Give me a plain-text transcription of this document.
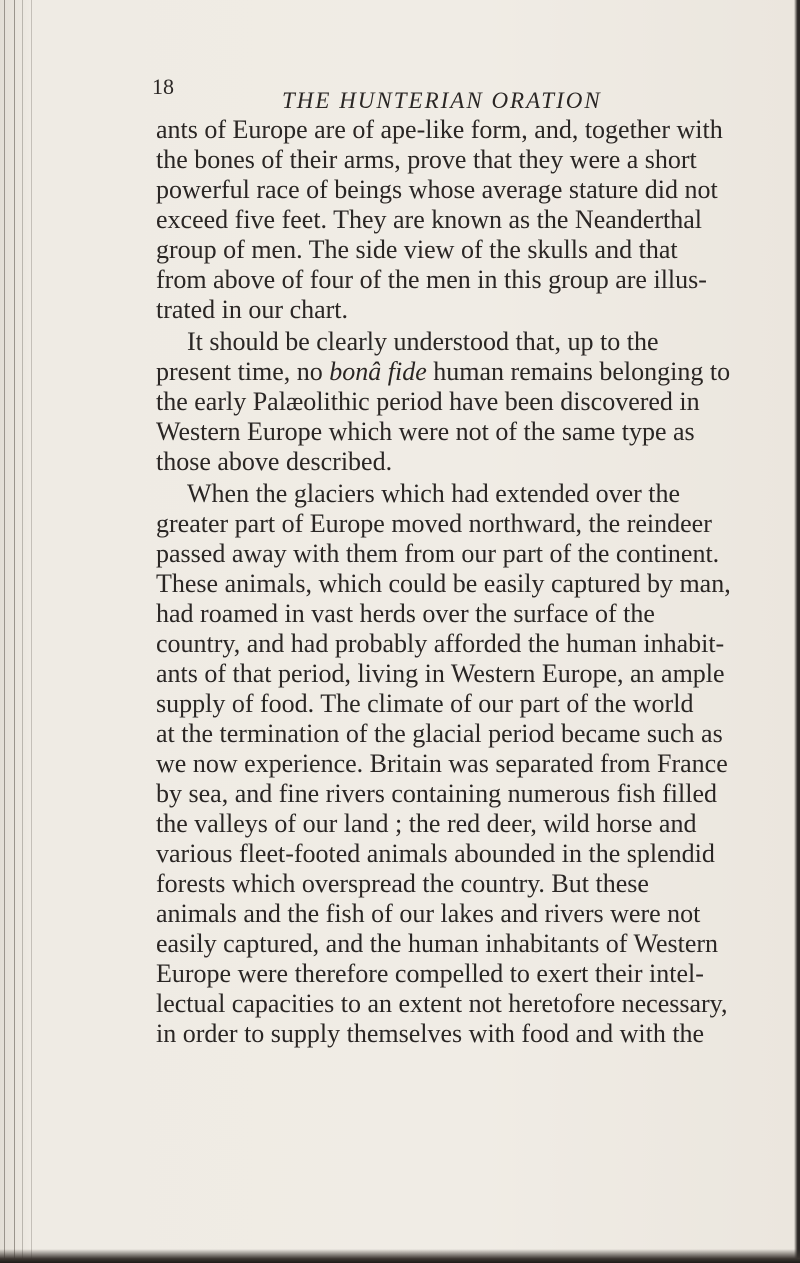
18
THE HUNTERIAN ORATION
ants of Europe are of ape-like form, and, together with
the bones of their arms, prove that they were a short
powerful race of beings whose average stature did not
exceed five feet. They are known as the Neanderthal
group of men. The side view of the skulls and that
from above of four of the men in this group are illus-
trated in our chart.
It should be clearly understood that, up to the
present time, no bonâ fide human remains belonging to
the early Palæolithic period have been discovered in
Western Europe which were not of the same type as
those above described.
When the glaciers which had extended over the
greater part of Europe moved northward, the reindeer
passed away with them from our part of the continent.
These animals, which could be easily captured by man,
had roamed in vast herds over the surface of the
country, and had probably afforded the human inhabit-
ants of that period, living in Western Europe, an ample
supply of food. The climate of our part of the world
at the termination of the glacial period became such as
we now experience. Britain was separated from France
by sea, and fine rivers containing numerous fish filled
the valleys of our land ; the red deer, wild horse and
various fleet-footed animals abounded in the splendid
forests which overspread the country. But these
animals and the fish of our lakes and rivers were not
easily captured, and the human inhabitants of Western
Europe were therefore compelled to exert their intel-
lectual capacities to an extent not heretofore necessary,
in order to supply themselves with food and with the
